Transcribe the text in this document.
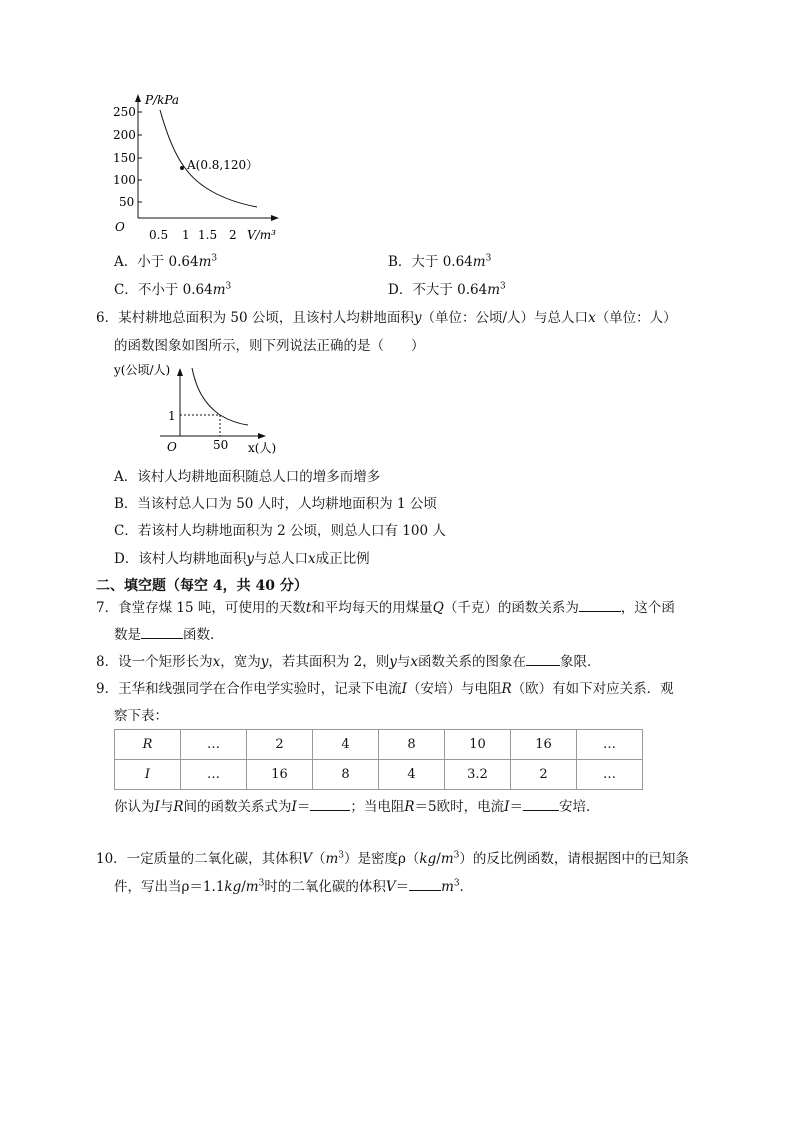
P/kPa
250
200
150
100
50
O
0.5 1 1.5 2 V/m³
A(0.8,120）
A．小于 $0.64m^3$	B．大于 $0.64m^3$
C．不小于 $0.64m^3$	D．不大于 $0.64m^3$
6．某村耕地总面积为 50 公顷，且该村人均耕地面积y（单位：公顷/人）与总人口x（单位：人）
的函数图象如图所示，则下列说法正确的是（　　）
y(公顷/人)
O	50
1
x(人)
A．该村人均耕地面积随总人口的增多而增多
B．当该村总人口为 50 人时，人均耕地面积为 1 公顷
C．若该村人均耕地面积为 2 公顷，则总人口有 100 人
D．该村人均耕地面积y与总人口x成正比例
二、填空题（每空 4，共 40 分）
7．食堂存煤 15 吨，可使用的天数t和平均每天的用煤量Q（千克）的函数关系为	，这个函
数是	函数．
8．设一个矩形长为x，宽为y，若其面积为 2，则y与x函数关系的图象在	象限．
9．王华和线强同学在合作电学实验时，记录下电流I（安培）与电阻R（欧）有如下对应关系．观
察下表：
R	…	2	4	8	10	16	…
I	…	16	8	4	3.2	2	…
你认为I与R间的函数关系式为I＝	；当电阻R＝5欧时，电流I＝	安培．
10．一定质量的二氧化碳，其体积$V(m^3)$是密度$\rho(kg/m^3)$的反比例函数，请根据图中的已知条
件，写出当$\rho=1.1kg/m^3$时的二氧化碳的体积$V= m^3$．
